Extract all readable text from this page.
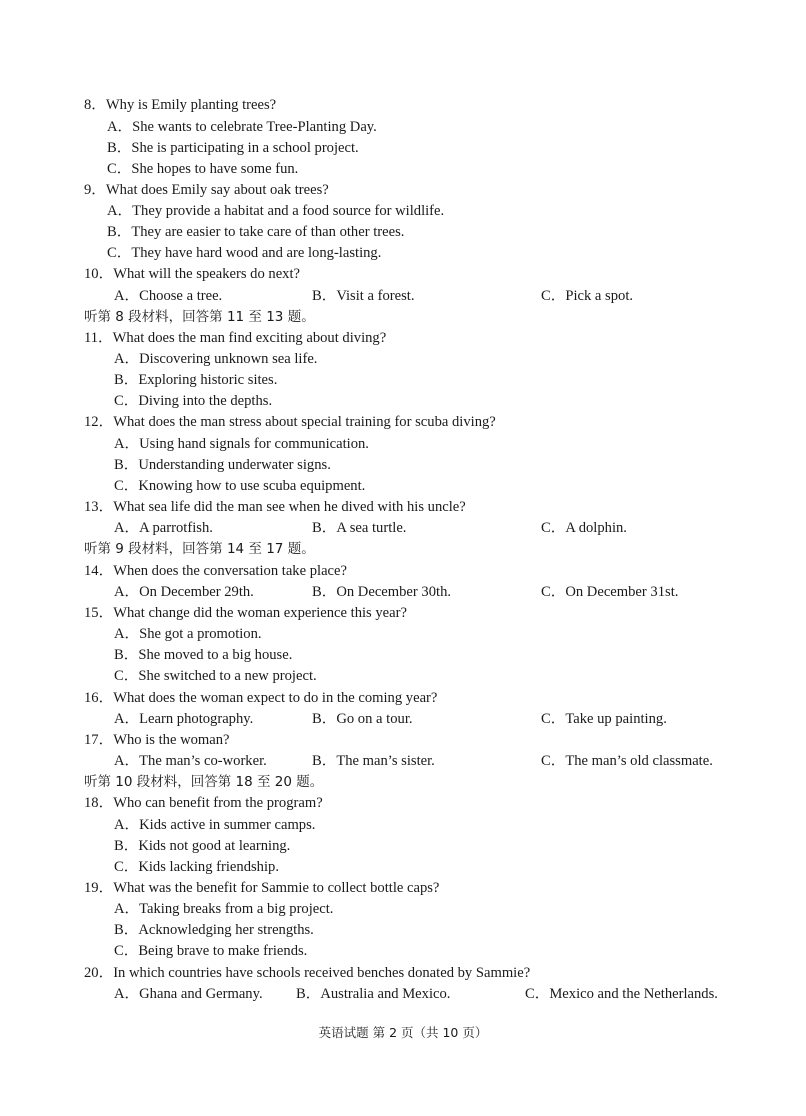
8．Why is Emily planting trees?
A．She wants to celebrate Tree-Planting Day.
B．She is participating in a school project.
C．She hopes to have some fun.
9．What does Emily say about oak trees?
A．They provide a habitat and a food source for wildlife.
B．They are easier to take care of than other trees.
C．They have hard wood and are long-lasting.
10．What will the speakers do next?
A．Choose a tree.	B．Visit a forest.	C．Pick a spot.
听第 8 段材料，回答第 11 至 13 题。
11．What does the man find exciting about diving?
A．Discovering unknown sea life.
B．Exploring historic sites.
C．Diving into the depths.
12．What does the man stress about special training for scuba diving?
A．Using hand signals for communication.
B．Understanding underwater signs.
C．Knowing how to use scuba equipment.
13．What sea life did the man see when he dived with his uncle?
A．A parrotfish.	B．A sea turtle.	C．A dolphin.
听第 9 段材料，回答第 14 至 17 题。
14．When does the conversation take place?
A．On December 29th.	B．On December 30th.	C．On December 31st.
15．What change did the woman experience this year?
A．She got a promotion.
B．She moved to a big house.
C．She switched to a new project.
16．What does the woman expect to do in the coming year?
A．Learn photography.	B．Go on a tour.	C．Take up painting.
17．Who is the woman?
A．The man’s co-worker.	B．The man’s sister.	C．The man’s old classmate.
听第 10 段材料，回答第 18 至 20 题。
18．Who can benefit from the program?
A．Kids active in summer camps.
B．Kids not good at learning.
C．Kids lacking friendship.
19．What was the benefit for Sammie to collect bottle caps?
A．Taking breaks from a big project.
B．Acknowledging her strengths.
C．Being brave to make friends.
20．In which countries have schools received benches donated by Sammie?
A．Ghana and Germany. B．Australia and Mexico.	C．Mexico and the Netherlands.
英语试题 第 2 页（共 10 页）
